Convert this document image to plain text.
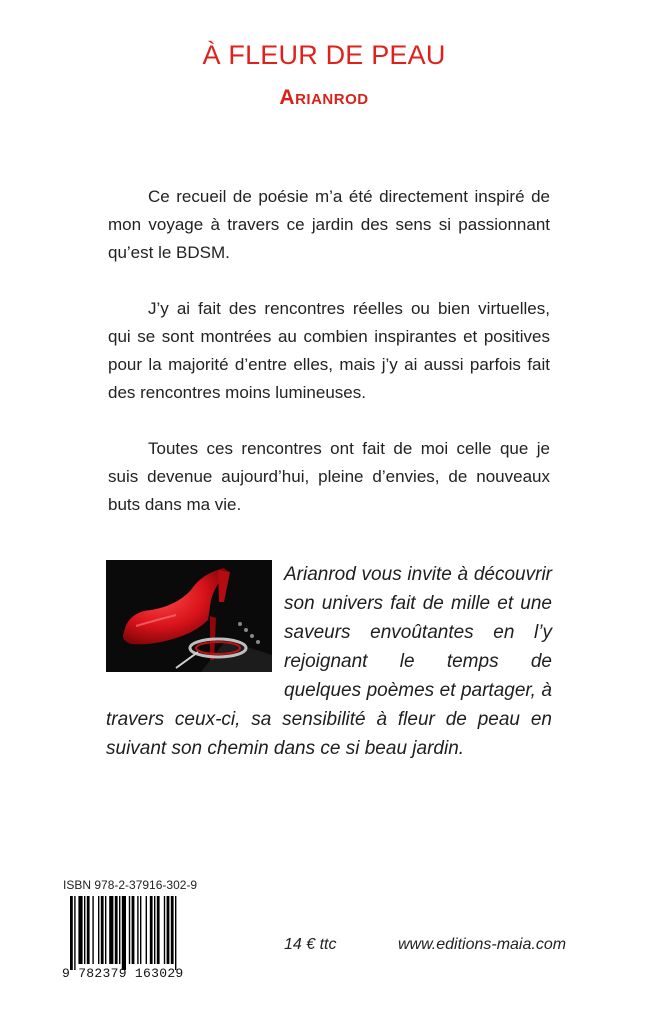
À FLEUR DE PEAU
Arianrod

Ce recueil de poésie m’a été directement inspiré de mon voyage à travers ce jardin des sens si passionnant qu’est le BDSM.

J’y ai fait des rencontres réelles ou bien virtuelles, qui se sont montrées au combien inspirantes et positives pour la majorité d’entre elles, mais j’y ai aussi parfois fait des rencontres moins lumineuses.

Toutes ces rencontres ont fait de moi celle que je suis devenue aujourd’hui, pleine d’envies, de nouveaux buts dans ma vie.

Arianrod vous invite à découvrir son univers fait de mille et une saveurs envoûtantes en l’y rejoignant le temps de quelques poèmes et partager, à travers ceux-ci, sa sensibilité à fleur de peau en suivant son chemin dans ce si beau jardin.
ISBN 978-2-37916-302-9
9 782379 163029
14 € ttc	www.editions-maia.com
